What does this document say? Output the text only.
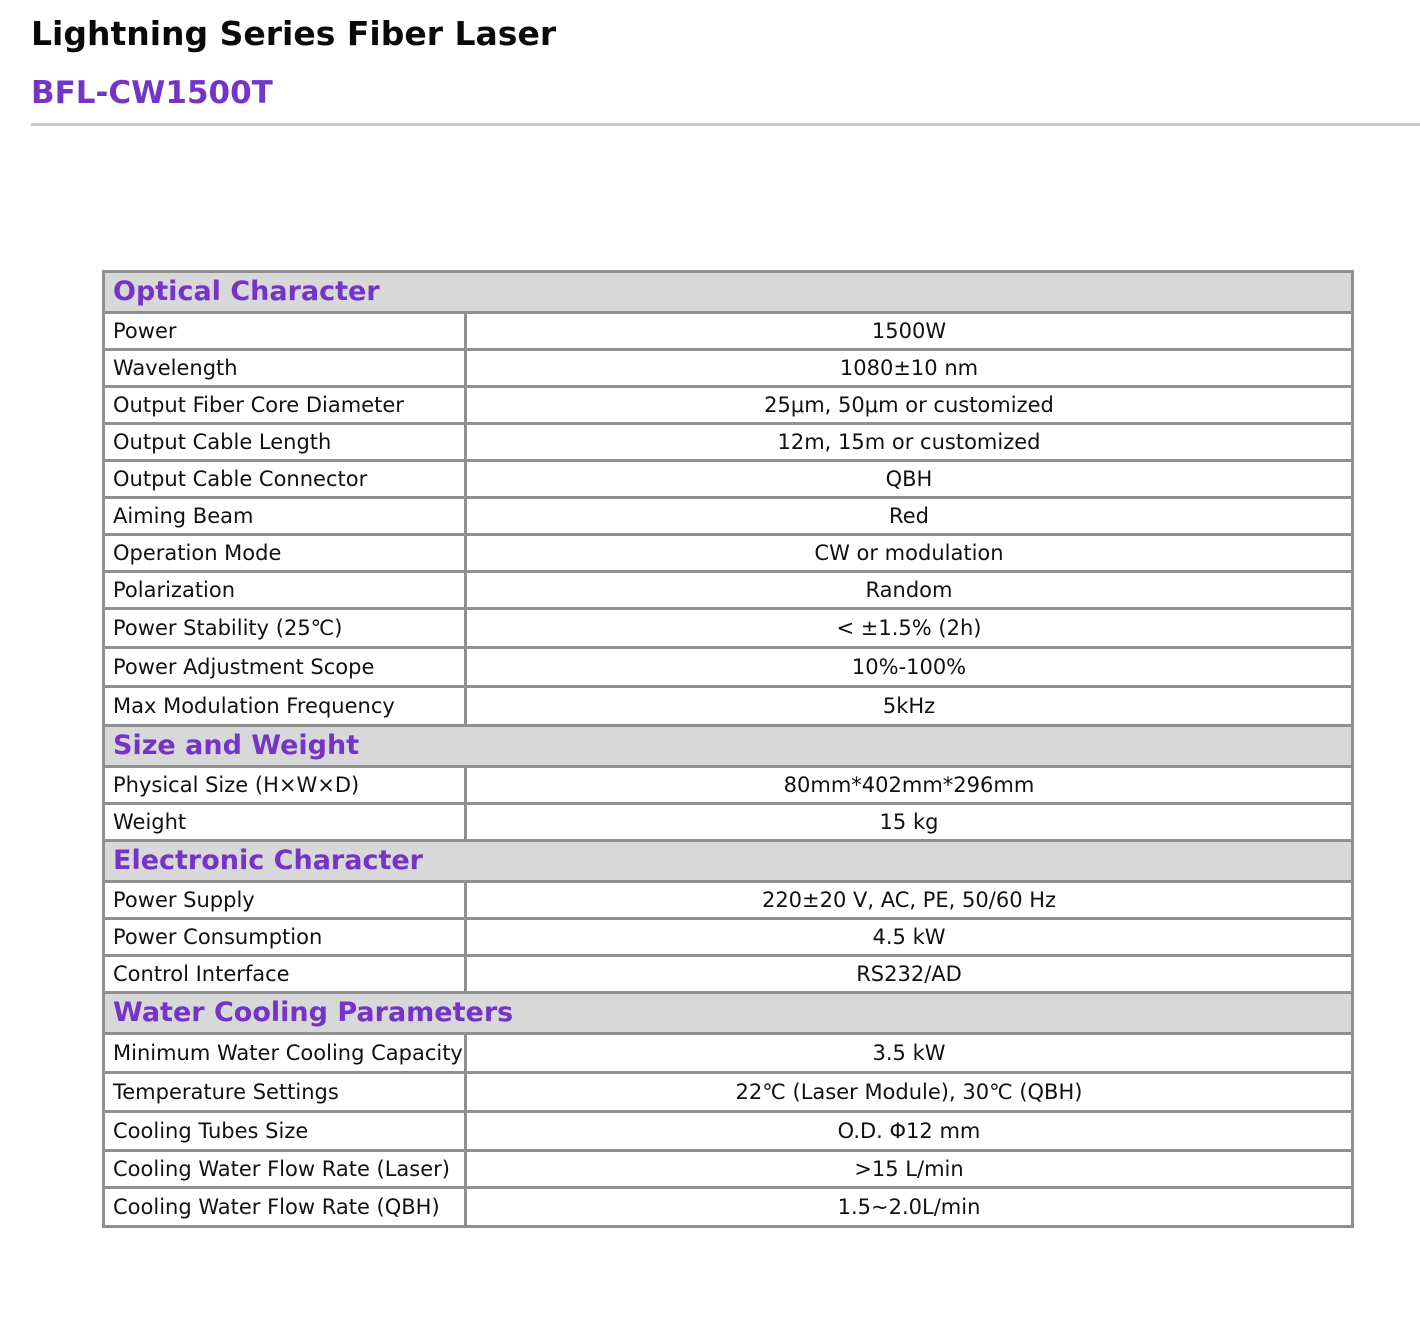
Lightning Series Fiber Laser
BFL-CW1500T
Optical Character	
Power	1500W
Wavelength	1080±10 nm
Output Fiber Core Diameter	25μm, 50μm or customized
Output Cable Length	12m, 15m or customized
Output Cable Connector	QBH
Aiming Beam	Red
Operation Mode	CW or modulation
Polarization	Random
Power Stability (25℃)	< ±1.5% (2h)
Power Adjustment Scope	10%-100%
Max Modulation Frequency	5kHz
Size and Weight	
Physical Size (H×W×D)	80mm*402mm*296mm
Weight	15 kg
Electronic Character	
Power Supply	220±20 V, AC, PE, 50/60 Hz
Power Consumption	4.5 kW
Control Interface	RS232/AD
Water Cooling Parameters	
Minimum Water Cooling Capacity	3.5 kW
Temperature Settings	22℃ (Laser Module), 30℃ (QBH)
Cooling Tubes Size	O.D. Φ12 mm
Cooling Water Flow Rate (Laser)	>15 L/min
Cooling Water Flow Rate (QBH)	1.5~2.0L/min
